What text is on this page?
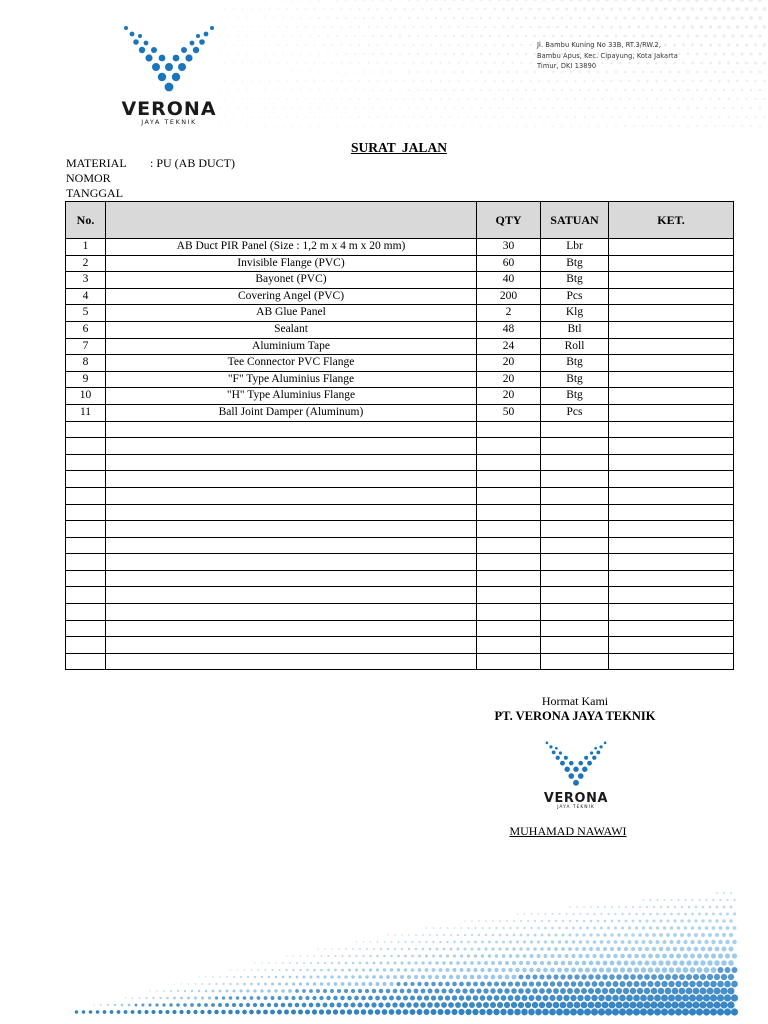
VERONA
JAYA TEKNIK
Jl. Bambu Kuning No 33B, RT.3/RW.2,
Bambu Apus, Kec. Cipayung, Kota Jakarta
Timur, DKI 13890
SURAT JALAN
MATERIAL : PU (AB DUCT)
NOMOR
TANGGAL
No.		QTY	SATUAN	KET.
1	AB Duct PIR Panel (Size : 1,2 m x 4 m x 20 mm)	30	Lbr	
2	Invisible Flange (PVC)	60	Btg	
3	Bayonet (PVC)	40	Btg	
4	Covering Angel (PVC)	200	Pcs	
5	AB Glue Panel	2	Klg	
6	Sealant	48	Btl	
7	Aluminium Tape	24	Roll	
8	Tee Connector PVC Flange	20	Btg	
9	"F" Type Aluminius Flange	20	Btg	
10	"H" Type Aluminius Flange	20	Btg	
11	Ball Joint Damper (Aluminum)	50	Pcs	

Hormat Kami
PT. VERONA JAYA TEKNIK
VERONA
JAYA TEKNIK
MUHAMAD NAWAWI
